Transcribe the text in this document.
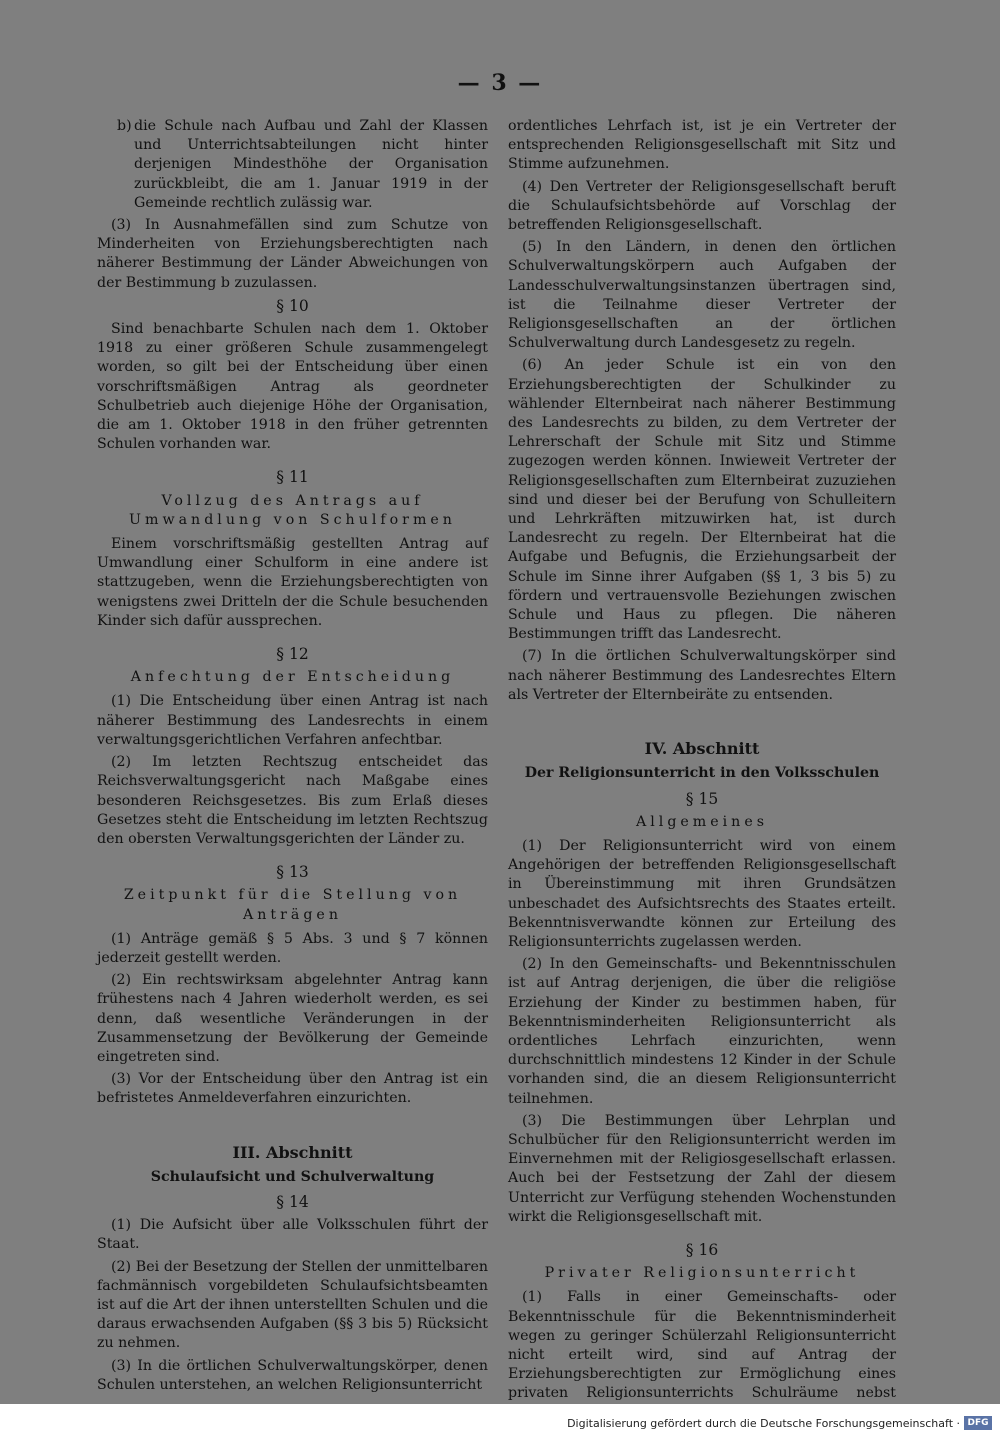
— 3 —

b) die Schule nach Aufbau und Zahl der Klassen und Unterrichtsabteilungen nicht hinter derjenigen Mindesthöhe der Organisation zurückbleibt, die am 1. Januar 1919 in der Gemeinde rechtlich zulässig war.

(3) In Ausnahmefällen sind zum Schutze von Minderheiten von Erziehungsberechtigten nach näherer Bestimmung der Länder Abweichungen von der Bestimmung b zuzulassen.

§ 10

Sind benachbarte Schulen nach dem 1. Oktober 1918 zu einer größeren Schule zusammengelegt worden, so gilt bei der Entscheidung über einen vorschriftsmäßigen Antrag als geordneter Schulbetrieb auch diejenige Höhe der Organisation, die am 1. Oktober 1918 in den früher getrennten Schulen vorhanden war.

§ 11
Vollzug des Antrags auf Umwandlung von Schulformen

Einem vorschriftsmäßig gestellten Antrag auf Umwandlung einer Schulform in eine andere ist stattzugeben, wenn die Erziehungsberechtigten von wenigstens zwei Dritteln der die Schule besuchenden Kinder sich dafür aussprechen.

§ 12
Anfechtung der Entscheidung

(1) Die Entscheidung über einen Antrag ist nach näherer Bestimmung des Landesrechts in einem verwaltungsgerichtlichen Verfahren anfechtbar.

(2) Im letzten Rechtszug entscheidet das Reichsverwaltungsgericht nach Maßgabe eines besonderen Reichsgesetzes. Bis zum Erlaß dieses Gesetzes steht die Entscheidung im letzten Rechtszug den obersten Verwaltungsgerichten der Länder zu.

§ 13
Zeitpunkt für die Stellung von Anträgen

(1) Anträge gemäß § 5 Abs. 3 und § 7 können jederzeit gestellt werden.

(2) Ein rechtswirksam abgelehnter Antrag kann frühestens nach 4 Jahren wiederholt werden, es sei denn, daß wesentliche Veränderungen in der Zusammensetzung der Bevölkerung der Gemeinde eingetreten sind.

(3) Vor der Entscheidung über den Antrag ist ein befristetes Anmeldeverfahren einzurichten.

III. Abschnitt
Schulaufsicht und Schulverwaltung
§ 14

(1) Die Aufsicht über alle Volksschulen führt der Staat.

(2) Bei der Besetzung der Stellen der unmittelbaren fachmännisch vorgebildeten Schulaufsichtsbeamten ist auf die Art der ihnen unterstellten Schulen und die daraus erwachsenden Aufgaben (§§ 3 bis 5) Rücksicht zu nehmen.

(3) In die örtlichen Schulverwaltungskörper, denen Schulen unterstehen, an welchen Religionsunterricht

ordentliches Lehrfach ist, ist je ein Vertreter der entsprechenden Religionsgesellschaft mit Sitz und Stimme aufzunehmen.

(4) Den Vertreter der Religionsgesellschaft beruft die Schulaufsichtsbehörde auf Vorschlag der betreffenden Religionsgesellschaft.

(5) In den Ländern, in denen den örtlichen Schulverwaltungskörpern auch Aufgaben der Landesschulverwaltungsinstanzen übertragen sind, ist die Teilnahme dieser Vertreter der Religionsgesellschaften an der örtlichen Schulverwaltung durch Landesgesetz zu regeln.

(6) An jeder Schule ist ein von den Erziehungsberechtigten der Schulkinder zu wählender Elternbeirat nach näherer Bestimmung des Landesrechts zu bilden, zu dem Vertreter der Lehrerschaft der Schule mit Sitz und Stimme zugezogen werden können. Inwieweit Vertreter der Religionsgesellschaften zum Elternbeirat zuzuziehen sind und dieser bei der Berufung von Schulleitern und Lehrkräften mitzuwirken hat, ist durch Landesrecht zu regeln. Der Elternbeirat hat die Aufgabe und Befugnis, die Erziehungsarbeit der Schule im Sinne ihrer Aufgaben (§§ 1, 3 bis 5) zu fördern und vertrauensvolle Beziehungen zwischen Schule und Haus zu pflegen. Die näheren Bestimmungen trifft das Landesrecht.

(7) In die örtlichen Schulverwaltungskörper sind nach näherer Bestimmung des Landesrechtes Eltern als Vertreter der Elternbeiräte zu entsenden.

IV. Abschnitt
Der Religionsunterricht in den Volksschulen
§ 15
Allgemeines

(1) Der Religionsunterricht wird von einem Angehörigen der betreffenden Religionsgesellschaft in Übereinstimmung mit ihren Grundsätzen unbeschadet des Aufsichtsrechts des Staates erteilt. Bekenntnisverwandte können zur Erteilung des Religionsunterrichts zugelassen werden.

(2) In den Gemeinschafts- und Bekenntnisschulen ist auf Antrag derjenigen, die über die religiöse Erziehung der Kinder zu bestimmen haben, für Bekenntnisminderheiten Religionsunterricht als ordentliches Lehrfach einzurichten, wenn durchschnittlich mindestens 12 Kinder in der Schule vorhanden sind, die an diesem Religionsunterricht teilnehmen.

(3) Die Bestimmungen über Lehrplan und Schulbücher für den Religionsunterricht werden im Einvernehmen mit der Religiosgesellschaft erlassen. Auch bei der Festsetzung der Zahl der diesem Unterricht zur Verfügung stehenden Wochenstunden wirkt die Religionsgesellschaft mit.

§ 16
Privater Religionsunterricht

(1) Falls in einer Gemeinschafts- oder Bekenntnisschule für die Bekenntnisminderheit wegen zu geringer Schülerzahl Religionsunterricht nicht erteilt wird, sind auf Antrag der Erziehungsberechtigten zur Ermöglichung eines privaten Religionsunterrichts Schulräume nebst

Digitalisierung gefördert durch die Deutsche Forschungsgemeinschaft · DFG
